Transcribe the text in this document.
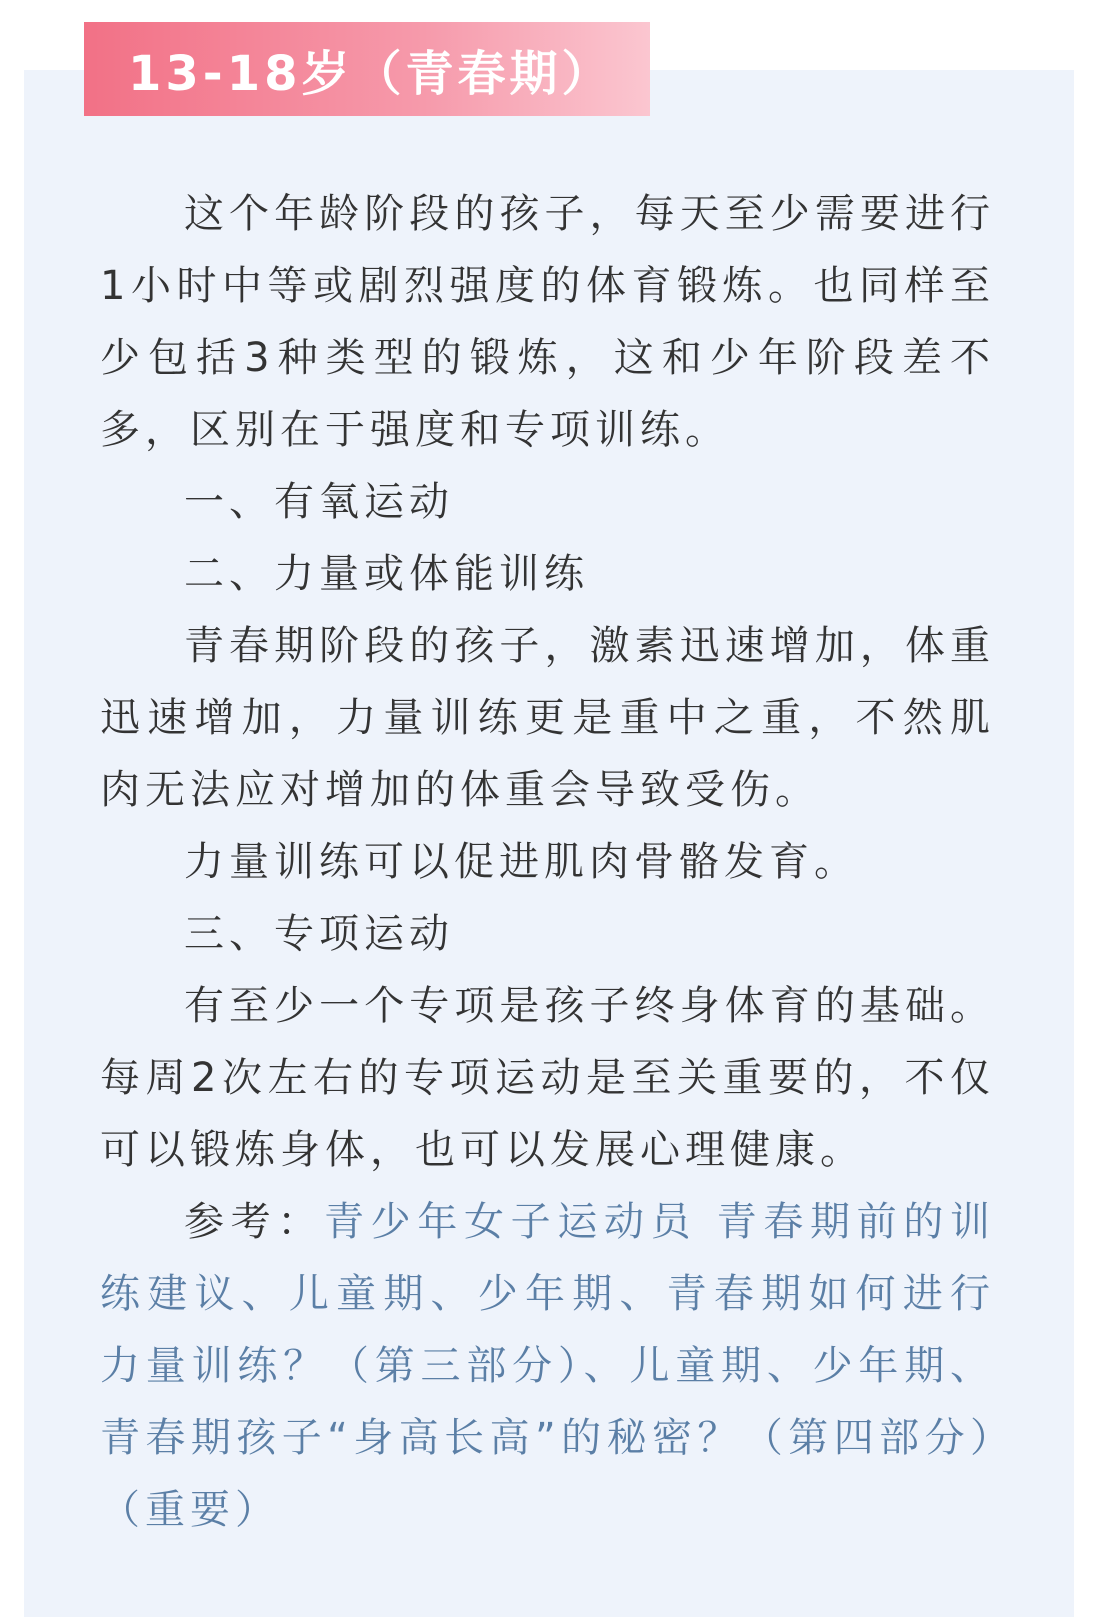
13-18岁（青春期）

这个年龄阶段的孩子，每天至少需要进行1小时中等或剧烈强度的体育锻炼。也同样至少包括3种类型的锻炼，这和少年阶段差不多，区别在于强度和专项训练。

一、有氧运动

二、力量或体能训练

青春期阶段的孩子，激素迅速增加，体重迅速增加，力量训练更是重中之重，不然肌肉无法应对增加的体重会导致受伤。

力量训练可以促进肌肉骨骼发育。

三、专项运动

有至少一个专项是孩子终身体育的基础。每周2次左右的专项运动是至关重要的，不仅可以锻炼身体，也可以发展心理健康。

参考：青少年女子运动员 青春期前的训练建议、儿童期、少年期、青春期如何进行力量训练？（第三部分）、儿童期、少年期、青春期孩子“身高长高”的秘密？（第四部分）（重要）
